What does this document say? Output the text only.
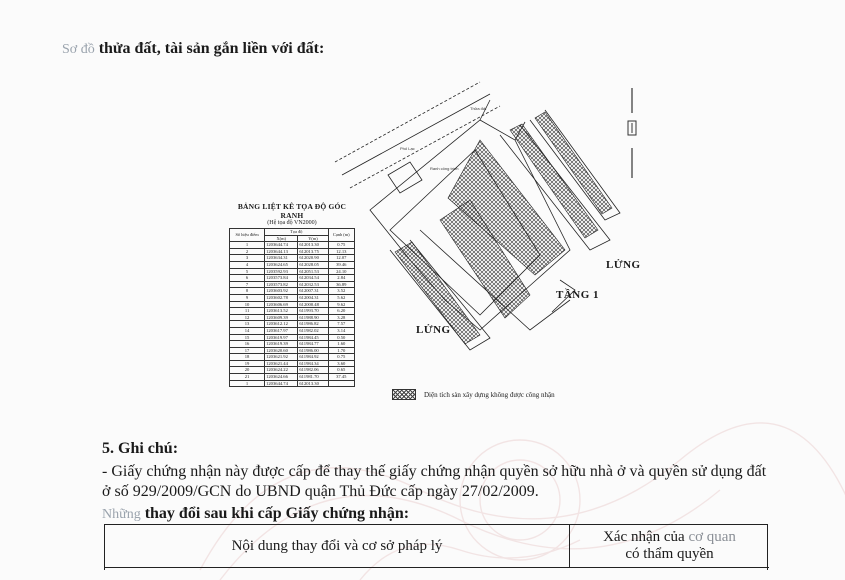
Sơ đồ thửa đất, tài sản gắn liền với đất:
BẢNG LIỆT KÊ TỌA ĐỘ GÓC RANH
(Hệ tọa độ VN2000)
Số hiệu điểm	Tọa độ		Cạnh (m)
	X(m)	Y(m)	
1	1203644.74	612013.30	0.75
2	1203644.13	612013.75	12.13
3	1203634.31	612020.90	12.07
4	1203624.65	612028.05	39.46
5	1203592.93	612051.53	24.10
6	1203573.84	612034.54	2.84
7	1203573.82	612032.53	36.89
8	1203603.92	612007.31	3.52
9	1203602.78	612004.31	5.62
10	1203606.69	612000.48	9.62
11	1203613.52	611993.70	6.20
12	1203609.39	611988.90	3.28
13	1203612.12	611986.82	7.57
14	1203617.97	611982.02	3.14
15	1203619.97	611984.45	0.50
16	1203619.39	611984.77	1.60
17	1203620.60	611986.00	1.70
18	1203621.92	611984.92	0.75
19	1203621.44	611984.34	3.60
20	1203624.22	611982.06	0.65
21	1203624.66	611981.70	37.45
1	1203644.74	612013.30	
Phố Lạc
Thửa đất
Ranh công trình
LỬNG
TẦNG 1
LỬNG
Diện tích sàn xây dựng không được công nhận
5. Ghi chú:
- Giấy chứng nhận này được cấp để thay thế giấy chứng nhận quyền sở hữu nhà ở và quyền sử dụng đất ở số 929/2009/GCN do UBND quận Thủ Đức cấp ngày 27/02/2009.
Những thay đổi sau khi cấp Giấy chứng nhận:
Nội dung thay đổi và cơ sở pháp lý
Xác nhận của cơ quan
có thẩm quyền
